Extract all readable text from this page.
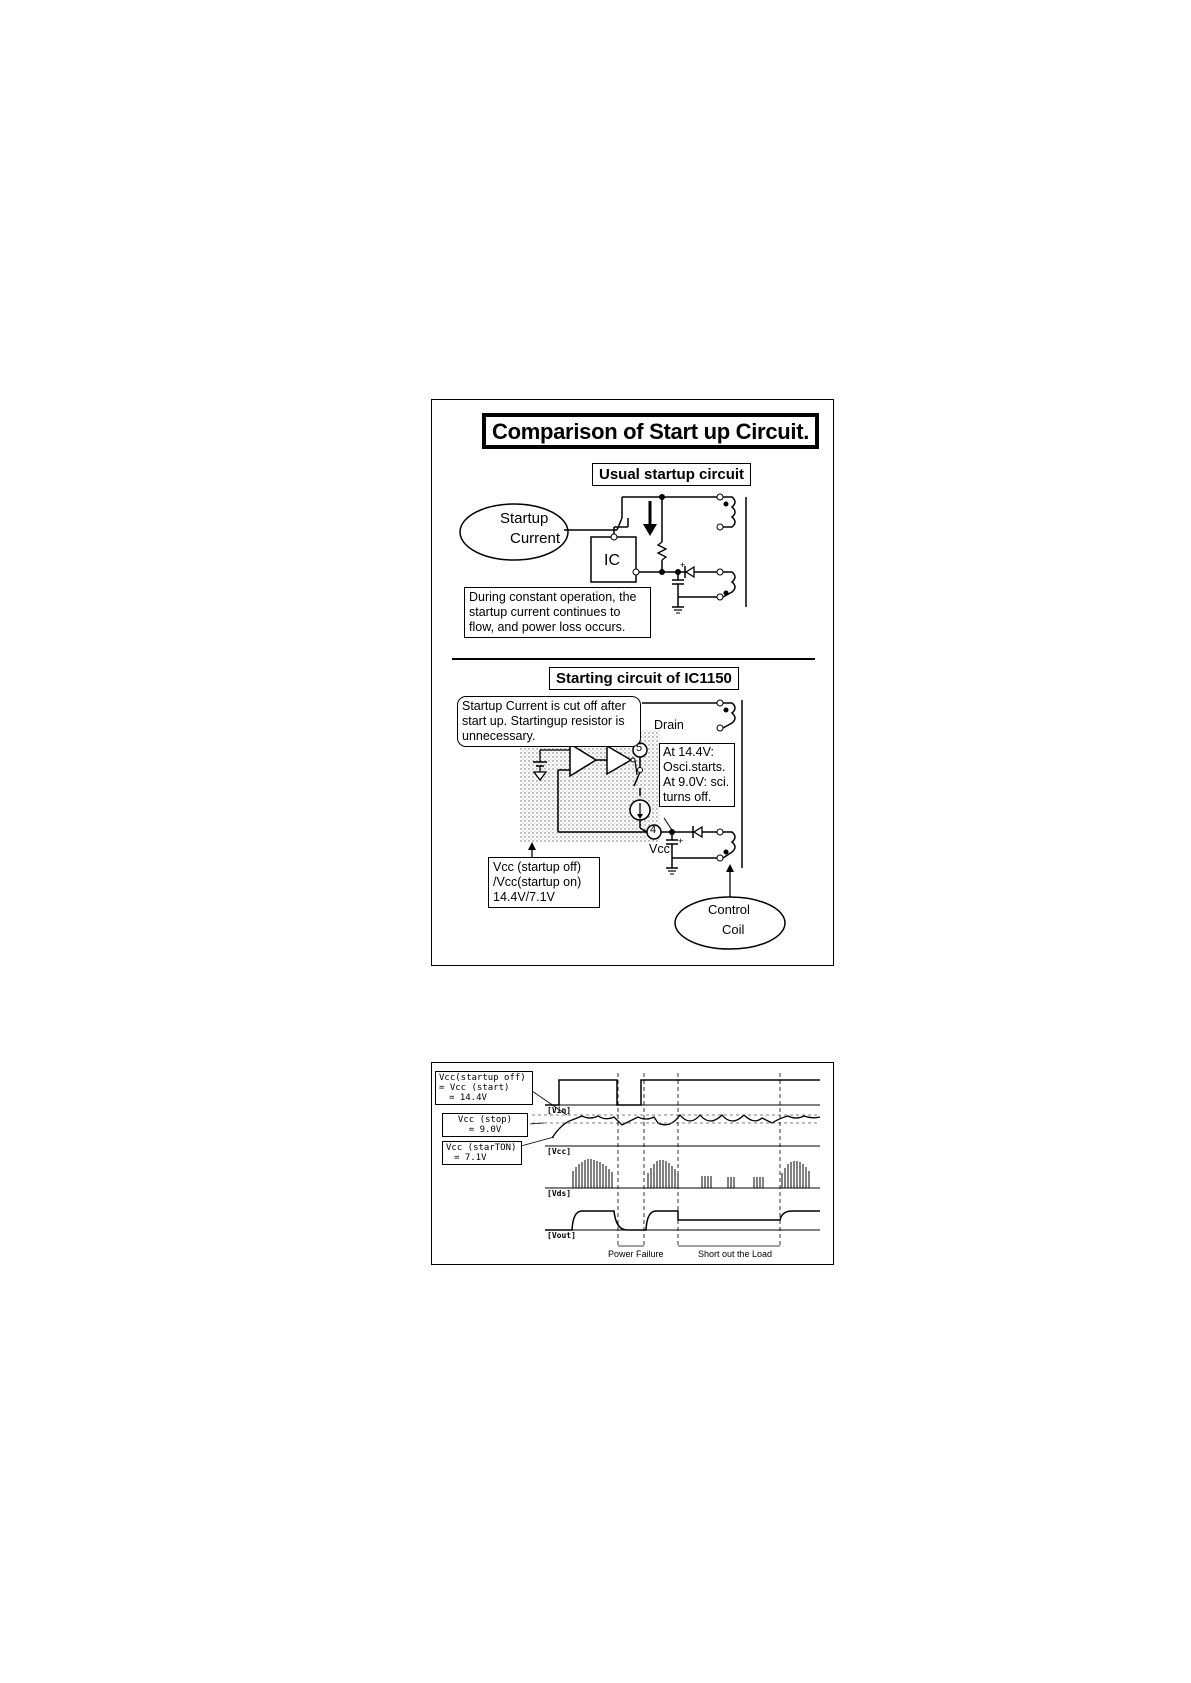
Comparison of Start up Circuit.
Usual startup circuit
Startup
Current
IC	+
During constant operation, the startup current continues to flow, and power loss occurs.
Starting circuit of IC1150
Startup Current is cut off after start up. Startingup resistor is unnecessary.
Drain
5
4
At 14.4V:
Osci.starts.
At 9.0V: sci.
turns off.
Vcc
+
Vcc (startup off)
/Vcc(startup on)
14.4V/7.1V
Control
Coil
Vcc(startup off)
= Vcc (start)
= 14.4V
Vcc (stop)
= 9.0V
Vcc (starTON)
= 7.1V
[Vin]
[Vcc]
[Vds]
[Vout]
Power Failure	Short out the Load
